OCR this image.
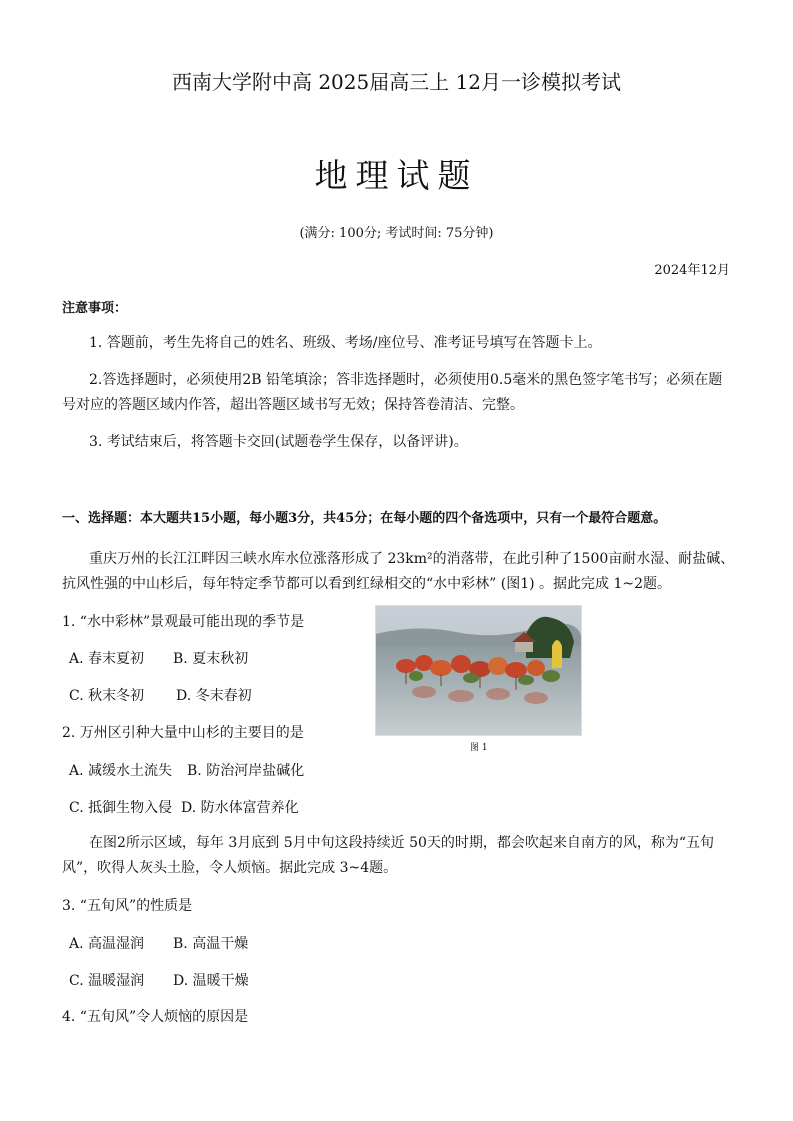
西南大学附中高 2025届高三上 12月一诊模拟考试
地理试题
(满分: 100分; 考试时间: 75分钟)
2024年12月
注意事项：
1. 答题前，考生先将自己的姓名、班级、考场/座位号、准考证号填写在答题卡上。
2.答选择题时，必须使用2B 铅笔填涂；答非选择题时，必须使用0.5毫米的黑色签字笔书写；必须在题
号对应的答题区域内作答，超出答题区域书写无效；保持答卷清洁、完整。
3. 考试结束后，将答题卡交回(试题卷学生保存，以备评讲)。
一、选择题：本大题共15小题，每小题3分，共45分；在每小题的四个备选项中，只有一个最符合题意。
重庆万州的长江江畔因三峡水库水位涨落形成了 23km²的消落带，在此引种了1500亩耐水湿、耐盐碱、
抗风性强的中山杉后，每年特定季节都可以看到红绿相交的“水中彩林” (图1) 。据此完成 1~2题。
1. “水中彩林”景观最可能出现的季节是
A. 春末夏初 B. 夏末秋初
C. 秋末冬初 D. 冬末春初
2. 万州区引种大量中山杉的主要目的是
A. 减缓水土流失 B. 防治河岸盐碱化
C. 抵御生物入侵 D. 防水体富营养化
图 1
在图2所示区域，每年 3月底到 5月中旬这段持续近 50天的时期，都会吹起来自南方的风，称为“五旬
风”，吹得人灰头土脸，令人烦恼。据此完成 3~4题。
3. “五旬风”的性质是
A. 高温湿润 B. 高温干燥
C. 温暖湿润 D. 温暖干燥
4. “五旬风”令人烦恼的原因是
